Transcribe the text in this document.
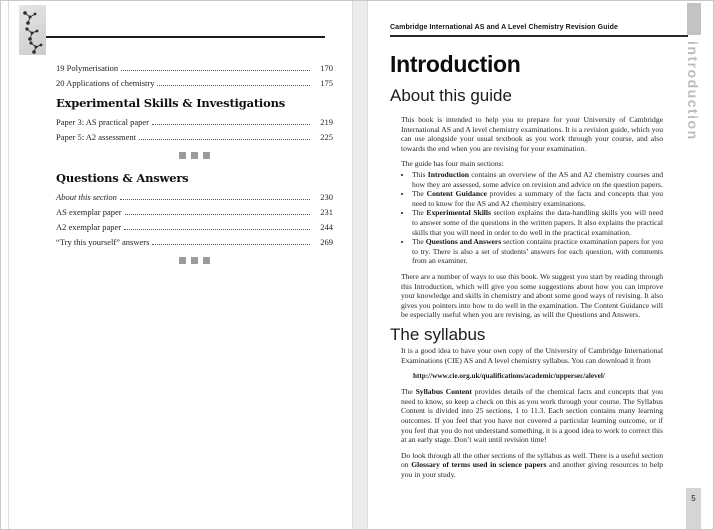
19 Polymerisation	170
20 Applications of chemistry	175
Experimental Skills & Investigations
Paper 3: AS practical paper	219
Paper 5: A2 assessment	225
Questions & Answers
About this section	230
AS exemplar paper	231
A2 exemplar paper	244
“Try this yourself” answers	269
Cambridge International AS and A Level Chemistry Revision Guide
introduction
5
Introduction
About this guide

This book is intended to help you to prepare for your University of Cambridge International AS and A level chemistry examinations. It is a revision guide, which you can use alongside your usual textbook as you work through your course, and also towards the end when you are revising for your examination.

The guide has four main sections:

• This Introduction contains an overview of the AS and A2 chemistry courses and how they are assessed, some advice on revision and advice on the question papers.
• The Content Guidance provides a summary of the facts and concepts that you need to know for the AS and A2 chemistry examinations.
• The Experimental Skills section explains the data-handling skills you will need to answer some of the questions in the written papers. It also explains the practical skills that you will need in order to do well in the practical examination.
• The Questions and Answers section contains practice examination papers for you to try. There is also a set of students’ answers for each question, with comments from an examiner.

There are a number of ways to use this book. We suggest you start by reading through this Introduction, which will give you some suggestions about how you can improve your knowledge and skills in chemistry and about some good ways of revising. It also gives you pointers into how to do well in the examination. The Content Guidance will be especially useful when you are revising, as will the Questions and Answers.

The syllabus

It is a good idea to have your own copy of the University of Cambridge International Examinations (CIE) AS and A level chemistry syllabus. You can download it from

http://www.cie.org.uk/qualifications/academic/uppersec/alevel/

The Syllabus Content provides details of the chemical facts and concepts that you need to know, so keep a check on this as you work through your course. The Syllabus Content is divided into 25 sections, 1 to 11.3. Each section contains many learning outcomes. If you feel that you have not covered a particular learning outcome, or if you feel that you do not understand something, it is a good idea to work to correct this at an early stage. Don’t wait until revision time!

Do look through all the other sections of the syllabus as well. There is a useful section on Glossary of terms used in science papers and another giving resources to help you in your study.
